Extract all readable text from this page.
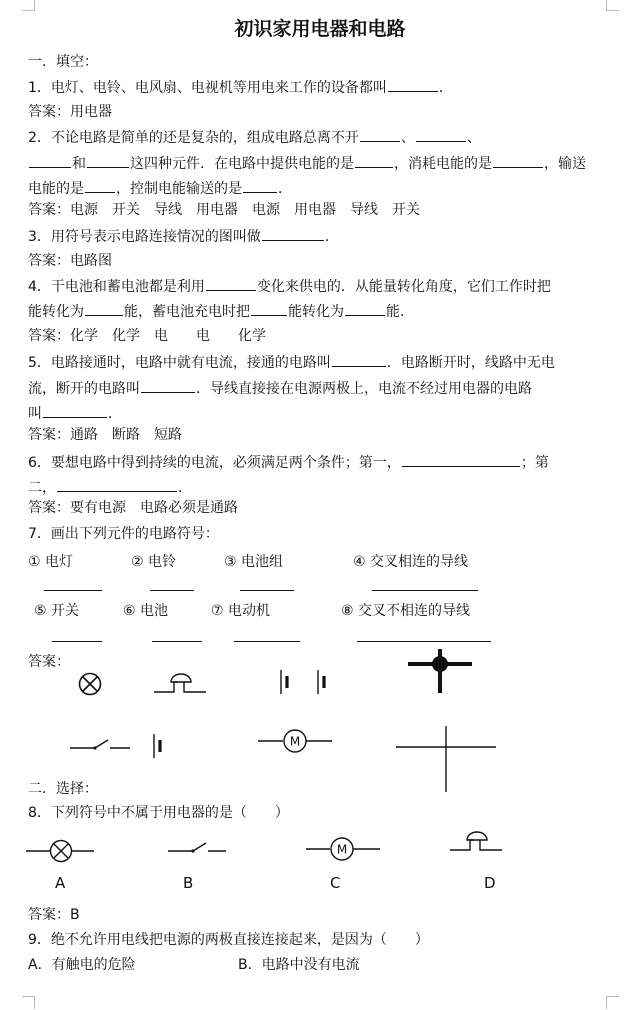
初识家用电器和电路
一．填空：
1．电灯、电铃、电风扇、电视机等用电来工作的设备都叫	．
答案：用电器
2．不论电路是简单的还是复杂的，组成电路总离不开	、	、
和	这四种元件．在电路中提供电能的是	，消耗电能的是	，输送
电能的是 ，控制电能输送的是	．
答案：电源 开关 导线 用电器 电源 用电器 导线 开关
3．用符号表示电路连接情况的图叫做	．
答案：电路图
4．干电池和蓄电池都是利用	变化来供电的．从能量转化角度，它们工作时把
能转化为	能，蓄电池充电时把	能转化为	能．
答案：化学 化学 电 电 化学
5．电路接通时，电路中就有电流，接通的电路叫	．电路断开时，线路中无电
流，断开的电路叫	．导线直接接在电源两极上，电流不经过用电器的电路
叫	．
答案：通路 断路 短路
6．要想电路中得到持续的电流，必须满足两个条件；第一，	；第
二，	．
答案：要有电源 电路必须是通路
7．画出下列元件的电路符号：
① 电灯	② 电铃	③ 电池组	④ 交叉相连的导线
⑤ 开关	⑥ 电池	⑦ 电动机	⑧ 交叉不相连的导线
答案：
M
二．选择：
8．下列符号中不属于用电器的是（　　）
M
A	B	C	D
答案：B
9．绝不允许用电线把电源的两极直接连接起来，是因为（　　）
A．有触电的危险	B．电路中没有电流
